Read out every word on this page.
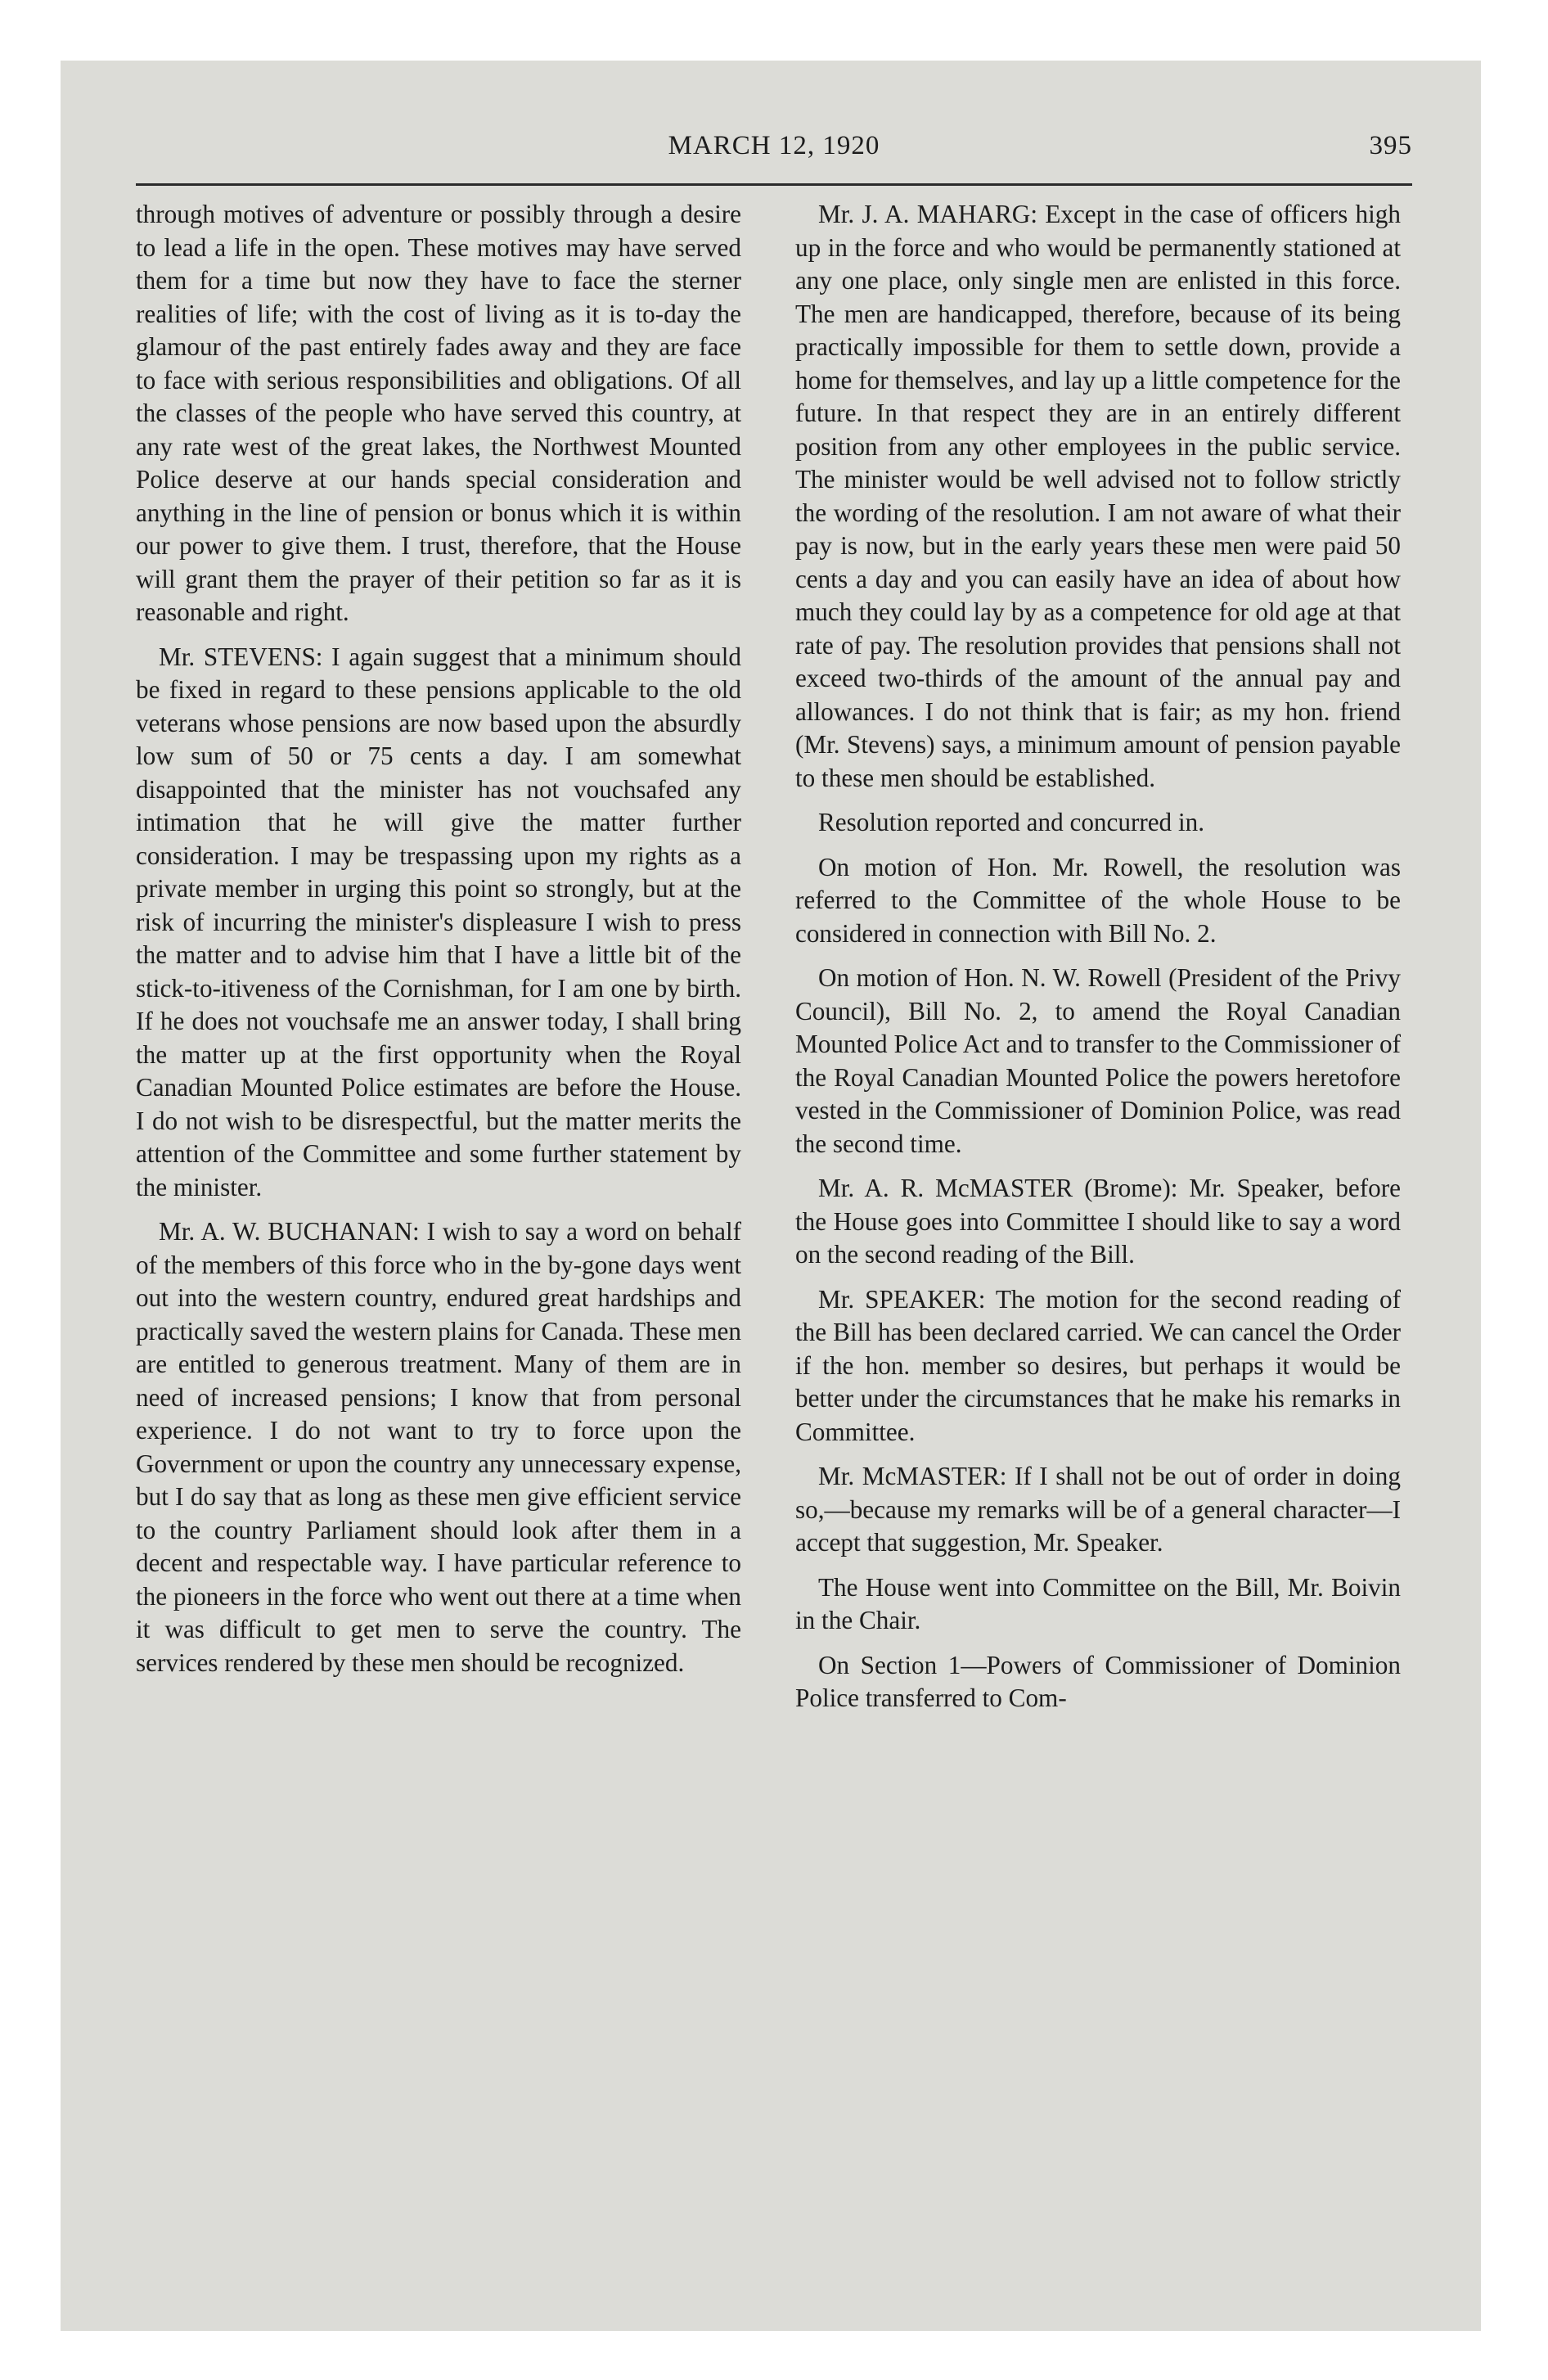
MARCH 12, 1920	395

through motives of adventure or possibly through a desire to lead a life in the open. These motives may have served them for a time but now they have to face the sterner realities of life; with the cost of living as it is to-day the glamour of the past entirely fades away and they are face to face with serious responsibilities and obligations. Of all the classes of the people who have served this country, at any rate west of the great lakes, the Northwest Mounted Police deserve at our hands special consideration and anything in the line of pension or bonus which it is within our power to give them. I trust, therefore, that the House will grant them the prayer of their petition so far as it is reasonable and right.

Mr. STEVENS: I again suggest that a minimum should be fixed in regard to these pensions applicable to the old veterans whose pensions are now based upon the absurdly low sum of 50 or 75 cents a day. I am somewhat disappointed that the minister has not vouchsafed any intimation that he will give the matter further consideration. I may be trespassing upon my rights as a private member in urging this point so strongly, but at the risk of incurring the minister's displeasure I wish to press the matter and to advise him that I have a little bit of the stick-to-itiveness of the Cornishman, for I am one by birth. If he does not vouchsafe me an answer today, I shall bring the matter up at the first opportunity when the Royal Canadian Mounted Police estimates are before the House. I do not wish to be disrespectful, but the matter merits the attention of the Committee and some further statement by the minister.

Mr. A. W. BUCHANAN: I wish to say a word on behalf of the members of this force who in the by-gone days went out into the western country, endured great hardships and practically saved the western plains for Canada. These men are entitled to generous treatment. Many of them are in need of increased pensions; I know that from personal experience. I do not want to try to force upon the Government or upon the country any unnecessary expense, but I do say that as long as these men give efficient service to the country Parliament should look after them in a decent and respectable way. I have particular reference to the pioneers in the force who went out there at a time when it was difficult to get men to serve the country. The services rendered by these men should be recognized.

Mr. J. A. MAHARG: Except in the case of officers high up in the force and who would be permanently stationed at any one place, only single men are enlisted in this force. The men are handicapped, therefore, because of its being practically impossible for them to settle down, provide a home for themselves, and lay up a little competence for the future. In that respect they are in an entirely different position from any other employees in the public service. The minister would be well advised not to follow strictly the wording of the resolution. I am not aware of what their pay is now, but in the early years these men were paid 50 cents a day and you can easily have an idea of about how much they could lay by as a competence for old age at that rate of pay. The resolution provides that pensions shall not exceed two-thirds of the amount of the annual pay and allowances. I do not think that is fair; as my hon. friend (Mr. Stevens) says, a minimum amount of pension payable to these men should be established.

Resolution reported and concurred in.

On motion of Hon. Mr. Rowell, the resolution was referred to the Committee of the whole House to be considered in connection with Bill No. 2.

On motion of Hon. N. W. Rowell (President of the Privy Council), Bill No. 2, to amend the Royal Canadian Mounted Police Act and to transfer to the Commissioner of the Royal Canadian Mounted Police the powers heretofore vested in the Commissioner of Dominion Police, was read the second time.

Mr. A. R. McMASTER (Brome): Mr. Speaker, before the House goes into Committee I should like to say a word on the second reading of the Bill.

Mr. SPEAKER: The motion for the second reading of the Bill has been declared carried. We can cancel the Order if the hon. member so desires, but perhaps it would be better under the circumstances that he make his remarks in Committee.

Mr. McMASTER: If I shall not be out of order in doing so,—because my remarks will be of a general character—I accept that suggestion, Mr. Speaker.

The House went into Committee on the Bill, Mr. Boivin in the Chair.

On Section 1—Powers of Commissioner of Dominion Police transferred to Com-
